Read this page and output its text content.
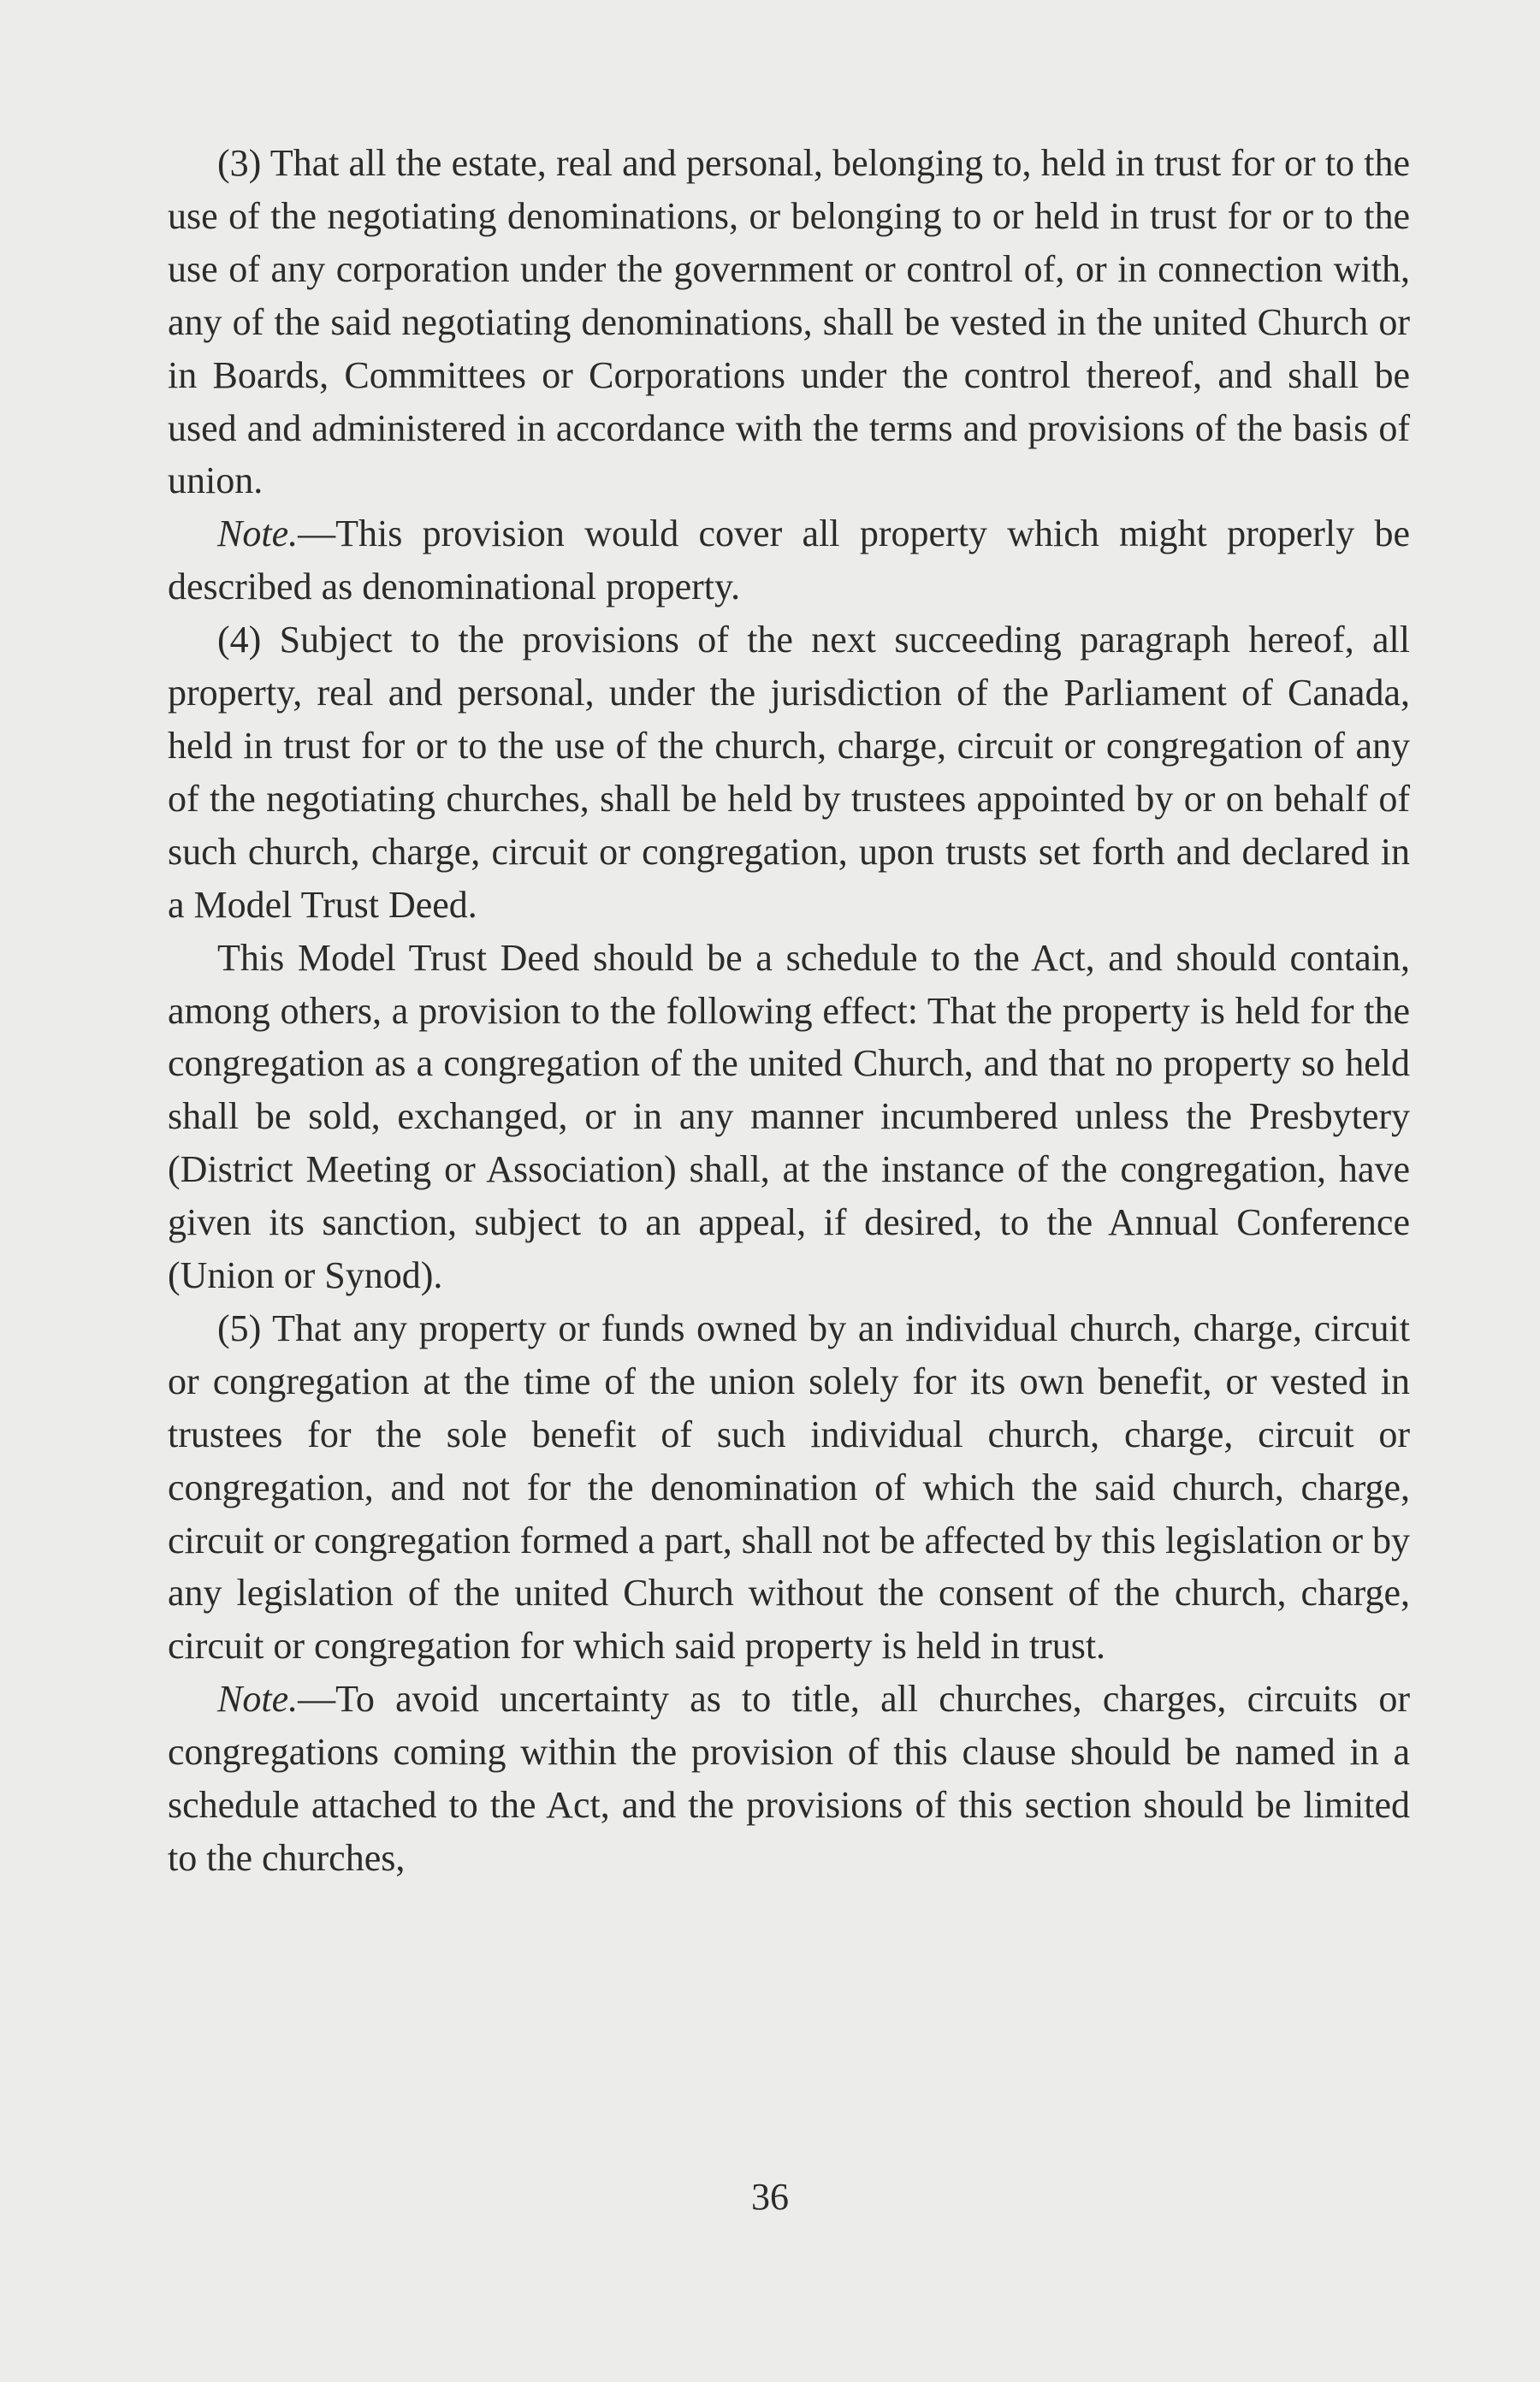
(3) That all the estate, real and personal, belonging to, held in trust for or to the use of the negotiating denominations, or belonging to or held in trust for or to the use of any corporation under the government or control of, or in connection with, any of the said negotiating denominations, shall be vested in the united Church or in Boards, Committees or Corporations under the control thereof, and shall be used and administered in accordance with the terms and provisions of the basis of union.

Note.—This provision would cover all property which might properly be described as denominational property.

(4) Subject to the provisions of the next succeeding paragraph hereof, all property, real and personal, under the jurisdiction of the Parliament of Canada, held in trust for or to the use of the church, charge, circuit or congregation of any of the negotiating churches, shall be held by trustees appointed by or on behalf of such church, charge, circuit or congregation, upon trusts set forth and declared in a Model Trust Deed.

This Model Trust Deed should be a schedule to the Act, and should contain, among others, a provision to the following effect: That the property is held for the congregation as a congregation of the united Church, and that no property so held shall be sold, exchanged, or in any manner incumbered unless the Presbytery (District Meeting or Association) shall, at the instance of the congregation, have given its sanction, subject to an appeal, if desired, to the Annual Conference (Union or Synod).

(5) That any property or funds owned by an individual church, charge, circuit or congregation at the time of the union solely for its own benefit, or vested in trustees for the sole benefit of such individual church, charge, circuit or congregation, and not for the denomination of which the said church, charge, circuit or congregation formed a part, shall not be affected by this legislation or by any legislation of the united Church without the consent of the church, charge, circuit or congregation for which said property is held in trust.

Note.—To avoid uncertainty as to title, all churches, charges, circuits or congregations coming within the provision of this clause should be named in a schedule attached to the Act, and the provisions of this section should be limited to the churches,

36
